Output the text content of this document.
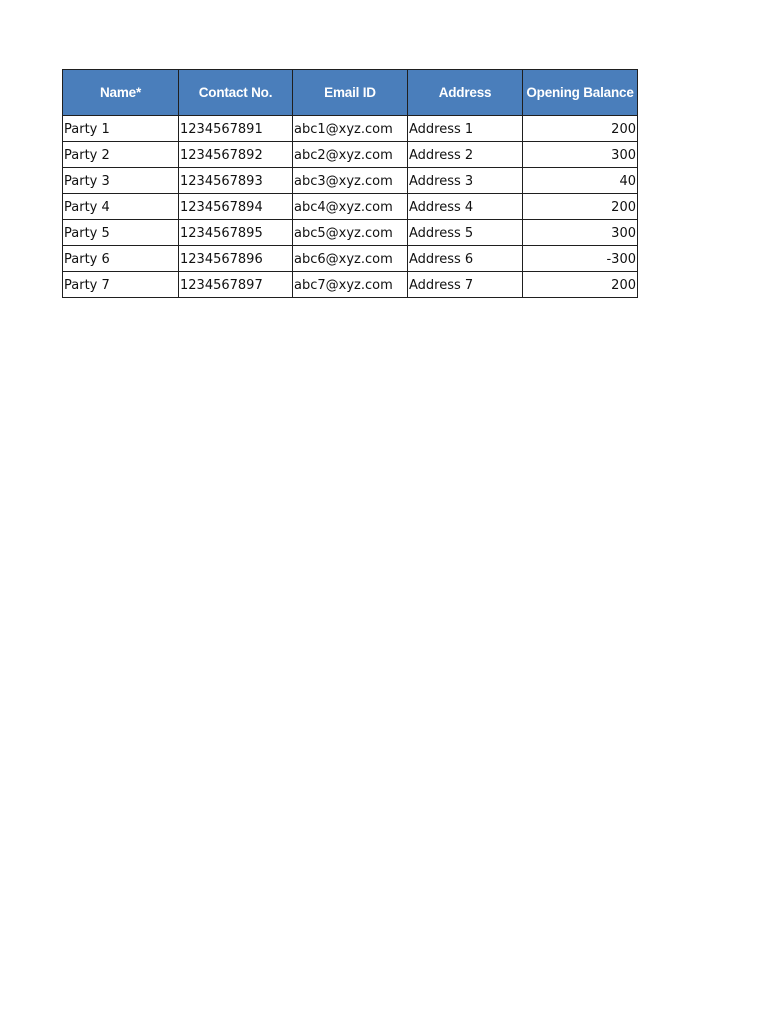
Name*	Contact No.	Email ID	Address	Opening Balance
Party 1	1234567891	abc1@xyz.com	Address 1	200
Party 2	1234567892	abc2@xyz.com	Address 2	300
Party 3	1234567893	abc3@xyz.com	Address 3	40
Party 4	1234567894	abc4@xyz.com	Address 4	200
Party 5	1234567895	abc5@xyz.com	Address 5	300
Party 6	1234567896	abc6@xyz.com	Address 6	-300
Party 7	1234567897	abc7@xyz.com	Address 7	200
